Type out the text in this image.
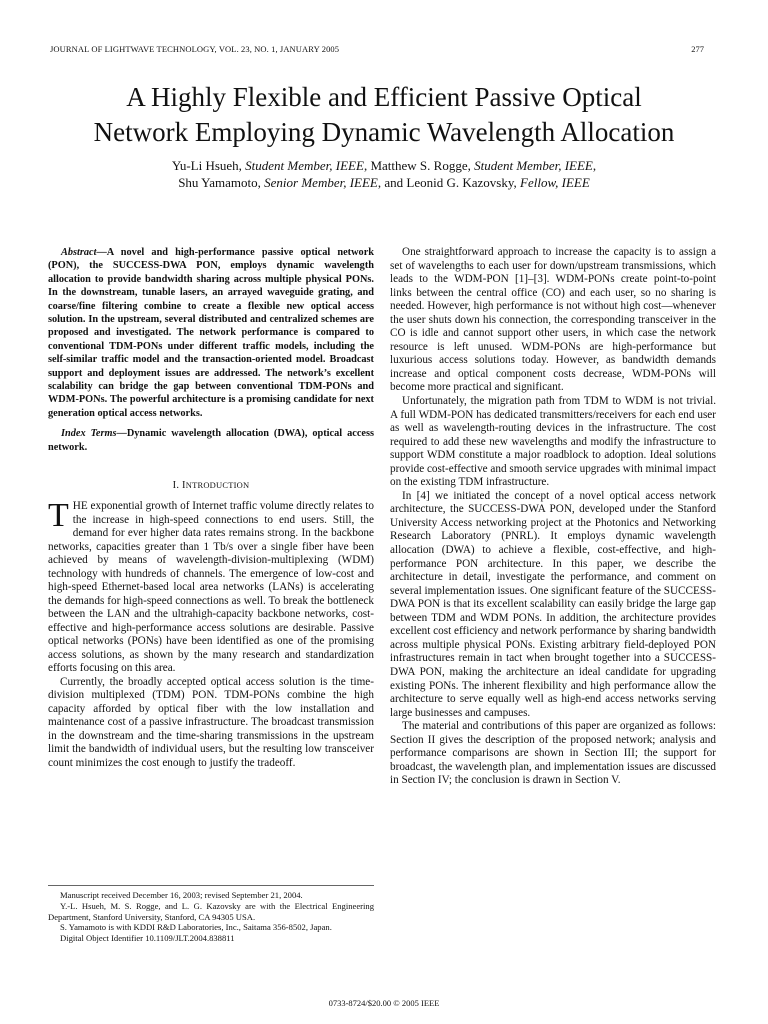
JOURNAL OF LIGHTWAVE TECHNOLOGY, VOL. 23, NO. 1, JANUARY 2005	277
A Highly Flexible and Efficient Passive Optical
Network Employing Dynamic Wavelength Allocation
Yu-Li Hsueh, Student Member, IEEE, Matthew S. Rogge, Student Member, IEEE,
Shu Yamamoto, Senior Member, IEEE, and Leonid G. Kazovsky, Fellow, IEEE

Abstract—A novel and high-performance passive optical network (PON), the SUCCESS-DWA PON, employs dynamic wavelength allocation to provide bandwidth sharing across multiple physical PONs. In the downstream, tunable lasers, an arrayed waveguide grating, and coarse/fine filtering combine to create a flexible new optical access solution. In the upstream, several distributed and centralized schemes are proposed and investigated. The network performance is compared to conventional TDM-PONs under different traffic models, including the self-similar traffic model and the transaction-oriented model. Broadcast support and deployment issues are addressed. The network’s excellent scalability can bridge the gap between conventional TDM-PONs and WDM-PONs. The powerful architecture is a promising candidate for next generation optical access networks.

Index Terms—Dynamic wavelength allocation (DWA), optical access network.

I. INTRODUCTION

THE exponential growth of Internet traffic volume directly relates to the increase in high-speed connections to end users. Still, the demand for ever higher data rates remains strong. In the backbone networks, capacities greater than 1 Tb/s over a single fiber have been achieved by means of wavelength-division-multiplexing (WDM) technology with hundreds of channels. The emergence of low-cost and high-speed Ethernet-based local area networks (LANs) is accelerating the demands for high-speed connections as well. To break the bottleneck between the LAN and the ultrahigh-capacity backbone networks, cost-effective and high-performance access solutions are desirable. Passive optical networks (PONs) have been identified as one of the promising access solutions, as shown by the many research and standardization efforts focusing on this area.

Currently, the broadly accepted optical access solution is the time-division multiplexed (TDM) PON. TDM-PONs combine the high capacity afforded by optical fiber with the low installation and maintenance cost of a passive infrastructure. The broadcast transmission in the downstream and the time-sharing transmissions in the upstream limit the bandwidth of individual users, but the resulting low transceiver count minimizes the cost enough to justify the tradeoff.

Manuscript received December 16, 2003; revised September 21, 2004.

Y.-L. Hsueh, M. S. Rogge, and L. G. Kazovsky are with the Electrical Engineering Department, Stanford University, Stanford, CA 94305 USA.

S. Yamamoto is with KDDI R&D Laboratories, Inc., Saitama 356-8502, Japan.

Digital Object Identifier 10.1109/JLT.2004.838811

One straightforward approach to increase the capacity is to assign a set of wavelengths to each user for down/upstream transmissions, which leads to the WDM-PON [1]–[3]. WDM-PONs create point-to-point links between the central office (CO) and each user, so no sharing is needed. However, high performance is not without high cost—whenever the user shuts down his connection, the corresponding transceiver in the CO is idle and cannot support other users, in which case the network resource is left unused. WDM-PONs are high-performance but luxurious access solutions today. However, as bandwidth demands increase and optical component costs decrease, WDM-PONs will become more practical and significant.

Unfortunately, the migration path from TDM to WDM is not trivial. A full WDM-PON has dedicated transmitters/receivers for each end user as well as wavelength-routing devices in the infrastructure. The cost required to add these new wavelengths and modify the infrastructure to support WDM constitute a major roadblock to adoption. Ideal solutions provide cost-effective and smooth service upgrades with minimal impact on the existing TDM infrastructure.

In [4] we initiated the concept of a novel optical access network architecture, the SUCCESS-DWA PON, developed under the Stanford University Access networking project at the Photonics and Networking Research Laboratory (PNRL). It employs dynamic wavelength allocation (DWA) to achieve a flexible, cost-effective, and high-performance PON architecture. In this paper, we describe the architecture in detail, investigate the performance, and comment on several implementation issues. One significant feature of the SUCCESS-DWA PON is that its excellent scalability can easily bridge the large gap between TDM and WDM PONs. In addition, the architecture provides excellent cost efficiency and network performance by sharing bandwidth across multiple physical PONs. Existing arbitrary field-deployed PON infrastructures remain in tact when brought together into a SUCCESS-DWA PON, making the architecture an ideal candidate for upgrading existing PONs. The inherent flexibility and high performance allow the architecture to serve equally well as high-end access networks serving large businesses and campuses.

The material and contributions of this paper are organized as follows: Section II gives the description of the proposed network; analysis and performance comparisons are shown in Section III; the support for broadcast, the wavelength plan, and implementation issues are discussed in Section IV; the conclusion is drawn in Section V.

0733-8724/$20.00 © 2005 IEEE
